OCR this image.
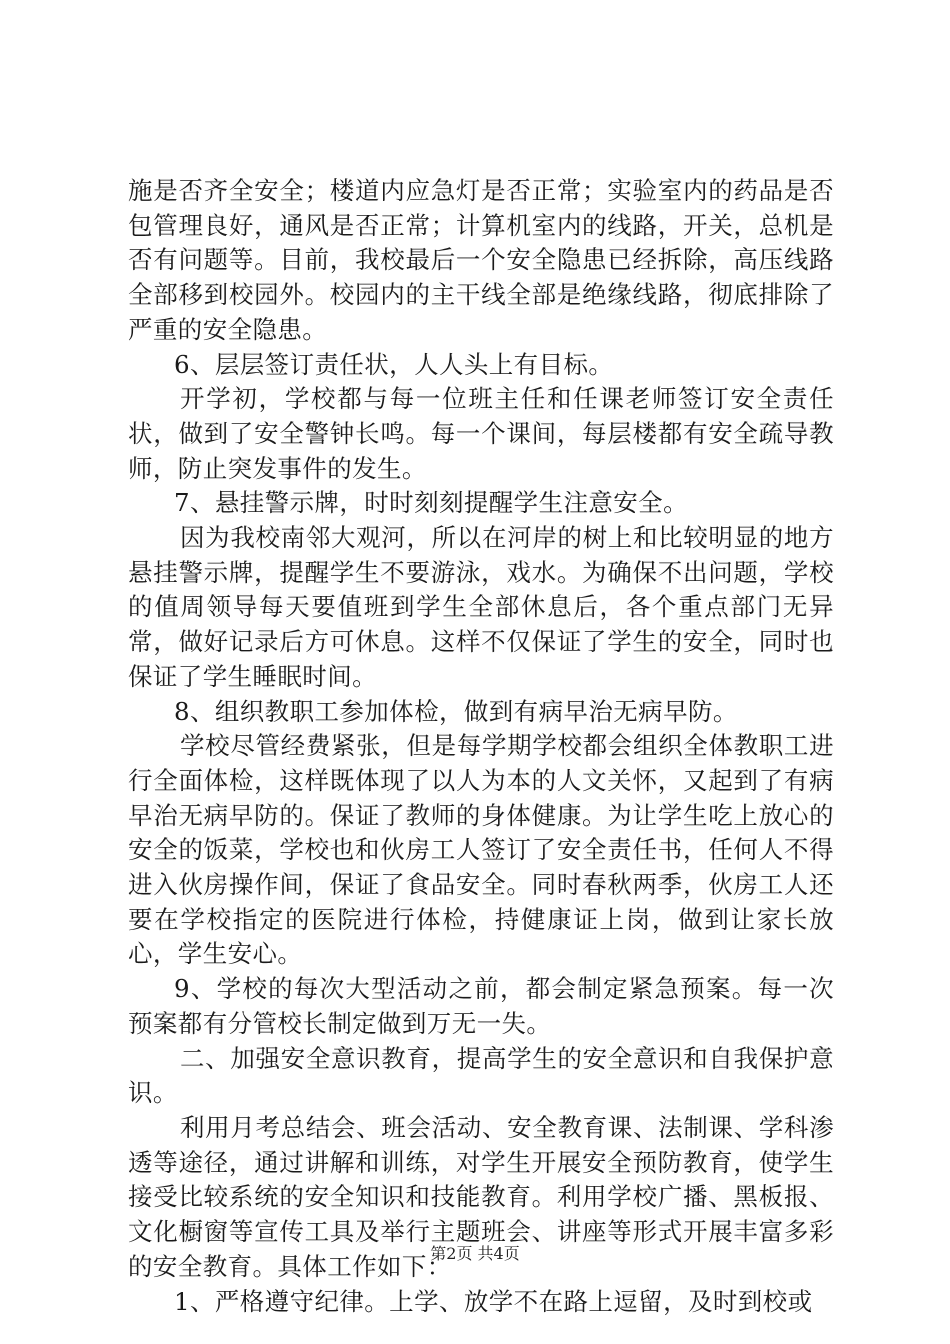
施是否齐全安全；楼道内应急灯是否正常；实验室内的药品是否包管理良好，通风是否正常；计算机室内的线路，开关，总机是否有问题等。目前，我校最后一个安全隐患已经拆除，高压线路全部移到校园外。校园内的主干线全部是绝缘线路，彻底排除了严重的安全隐患。

6、层层签订责任状，人人头上有目标。

开学初，学校都与每一位班主任和任课老师签订安全责任状，做到了安全警钟长鸣。每一个课间，每层楼都有安全疏导教师，防止突发事件的发生。

7、悬挂警示牌，时时刻刻提醒学生注意安全。

因为我校南邻大观河，所以在河岸的树上和比较明显的地方悬挂警示牌，提醒学生不要游泳，戏水。为确保不出问题，学校的值周领导每天要值班到学生全部休息后，各个重点部门无异常，做好记录后方可休息。这样不仅保证了学生的安全，同时也保证了学生睡眠时间。

8、组织教职工参加体检，做到有病早治无病早防。

学校尽管经费紧张，但是每学期学校都会组织全体教职工进行全面体检，这样既体现了以人为本的人文关怀，又起到了有病早治无病早防的。保证了教师的身体健康。为让学生吃上放心的安全的饭菜，学校也和伙房工人签订了安全责任书，任何人不得进入伙房操作间，保证了食品安全。同时春秋两季，伙房工人还要在学校指定的医院进行体检，持健康证上岗，做到让家长放心，学生安心。

9、学校的每次大型活动之前，都会制定紧急预案。每一次预案都有分管校长制定做到万无一失。

二、加强安全意识教育，提高学生的安全意识和自我保护意识。

利用月考总结会、班会活动、安全教育课、法制课、学科渗透等途径，通过讲解和训练，对学生开展安全预防教育，使学生接受比较系统的安全知识和技能教育。利用学校广播、黑板报、文化橱窗等宣传工具及举行主题班会、讲座等形式开展丰富多彩的安全教育。具体工作如下：

1、严格遵守纪律。上学、放学不在路上逗留，及时到校或

第2页 共4页
